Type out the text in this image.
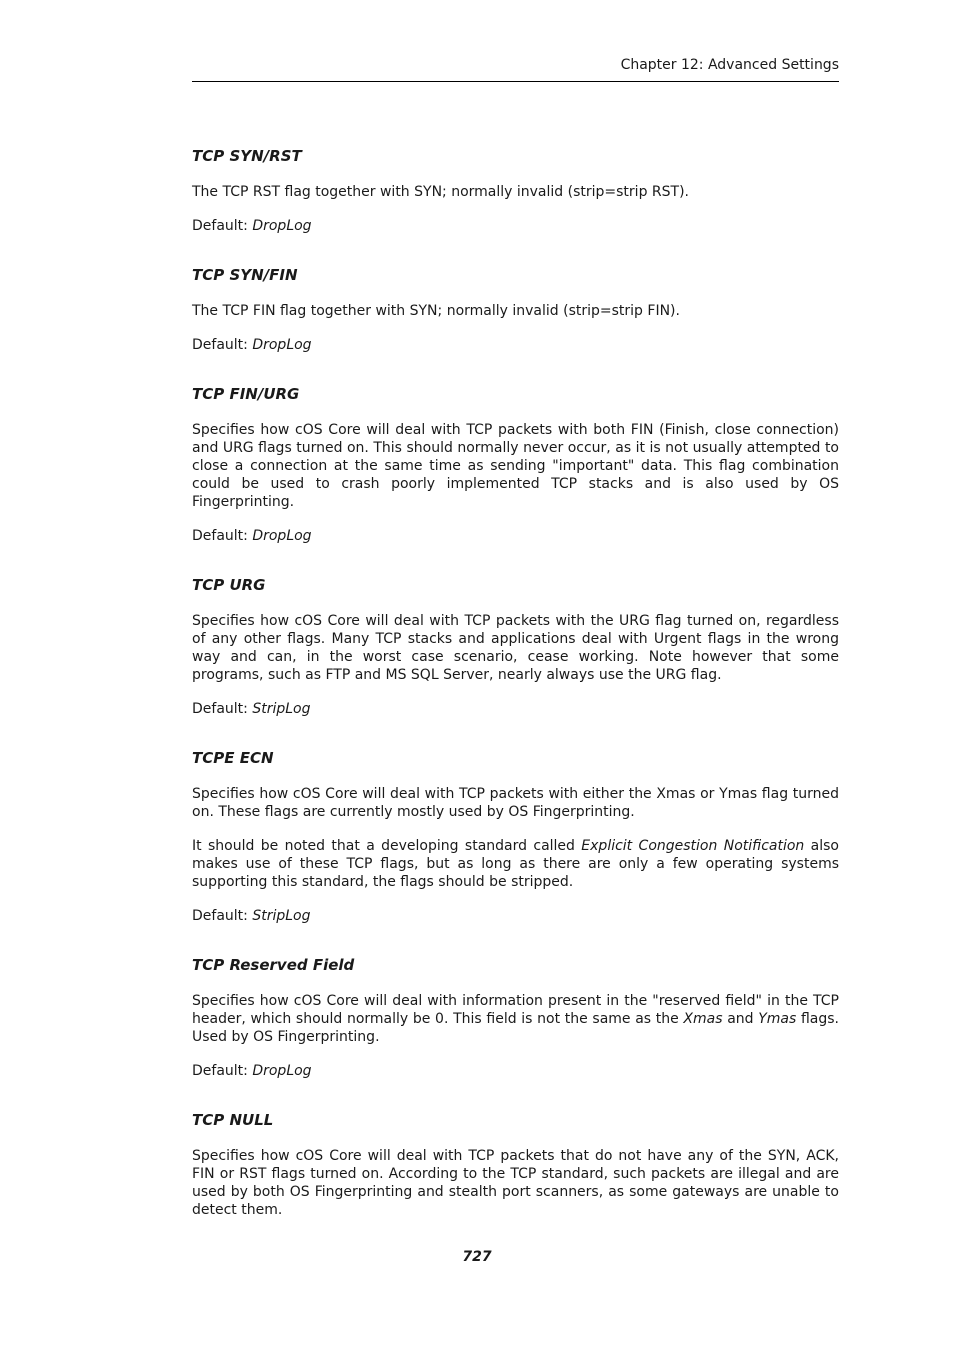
Chapter 12: Advanced Settings
TCP SYN/RST

The TCP RST flag together with SYN; normally invalid (strip=strip RST).

Default: DropLog

TCP SYN/FIN

The TCP FIN flag together with SYN; normally invalid (strip=strip FIN).

Default: DropLog

TCP FIN/URG

Specifies how cOS Core will deal with TCP packets with both FIN (Finish, close connection) and URG flags turned on. This should normally never occur, as it is not usually attempted to close a connection at the same time as sending "important" data. This flag combination could be used to crash poorly implemented TCP stacks and is also used by OS Fingerprinting.

Default: DropLog

TCP URG

Specifies how cOS Core will deal with TCP packets with the URG flag turned on, regardless of any other flags. Many TCP stacks and applications deal with Urgent flags in the wrong way and can, in the worst case scenario, cease working. Note however that some programs, such as FTP and MS SQL Server, nearly always use the URG flag.

Default: StripLog

TCPE ECN

Specifies how cOS Core will deal with TCP packets with either the Xmas or Ymas flag turned on. These flags are currently mostly used by OS Fingerprinting.

It should be noted that a developing standard called Explicit Congestion Notification also makes use of these TCP flags, but as long as there are only a few operating systems supporting this standard, the flags should be stripped.

Default: StripLog

TCP Reserved Field

Specifies how cOS Core will deal with information present in the "reserved field" in the TCP header, which should normally be 0. This field is not the same as the Xmas and Ymas flags. Used by OS Fingerprinting.

Default: DropLog

TCP NULL

Specifies how cOS Core will deal with TCP packets that do not have any of the SYN, ACK, FIN or RST flags turned on. According to the TCP standard, such packets are illegal and are used by both OS Fingerprinting and stealth port scanners, as some gateways are unable to detect them.

727
